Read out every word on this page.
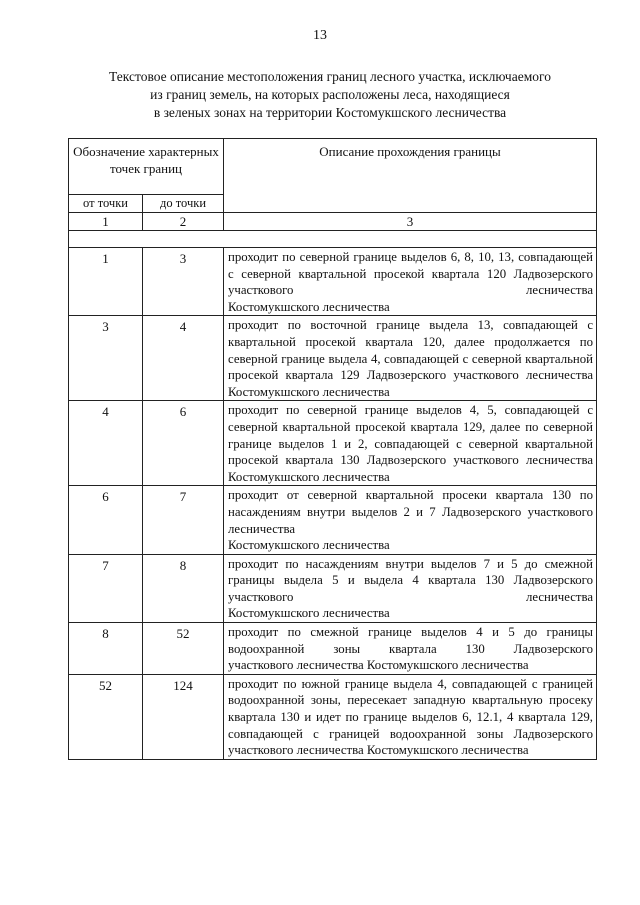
13
Текстовое описание местоположения границ лесного участка, исключаемого
из границ земель, на которых расположены леса, находящиеся
в зеленых зонах на территории Костомукшского лесничества
Обозначение характерных точек границ		Описание прохождения границы
от точки	до точки	
1	2	3

1	3	проходит по северной границе выделов 6, 8, 10, 13, совпадающей с северной квартальной просекой квартала 120 Ладвозерского участкового лесничества
Костомукшского лесничества

3	4	проходит по восточной границе выдела 13, совпадающей с квартальной просекой квартала 120, далее продолжается по северной границе выдела 4, совпадающей с северной квартальной просекой квартала 129 Ладвозерского участкового лесничества
Костомукшского лесничества

4	6	проходит по северной границе выделов 4, 5, совпадающей с северной квартальной просекой квартала 129, далее по северной границе выделов 1 и 2, совпадающей с северной квартальной просекой квартала 130 Ладвозерского участкового лесничества
Костомукшского лесничества

6	7	проходит от северной квартальной просеки квартала 130 по насаждениям внутри выделов 2 и 7 Ладвозерского участкового лесничества
Костомукшского лесничества

7	8	проходит по насаждениям внутри выделов 7 и 5 до смежной границы выдела 5 и выдела 4 квартала 130 Ладвозерского участкового лесничества
Костомукшского лесничества

8	52	проходит по смежной границе выделов 4 и 5 до границы водоохранной зоны квартала 130 Ладвозерского
участкового лесничества Костомукшского лесничества

52	124	проходит по южной границе выдела 4, совпадающей с границей водоохранной зоны, пересекает западную квартальную просеку квартала 130 и идет по границе выделов 6, 12.1, 4 квартала 129, совпадающей с границей водоохранной зоны Ладвозерского
участкового лесничества Костомукшского лесничества
